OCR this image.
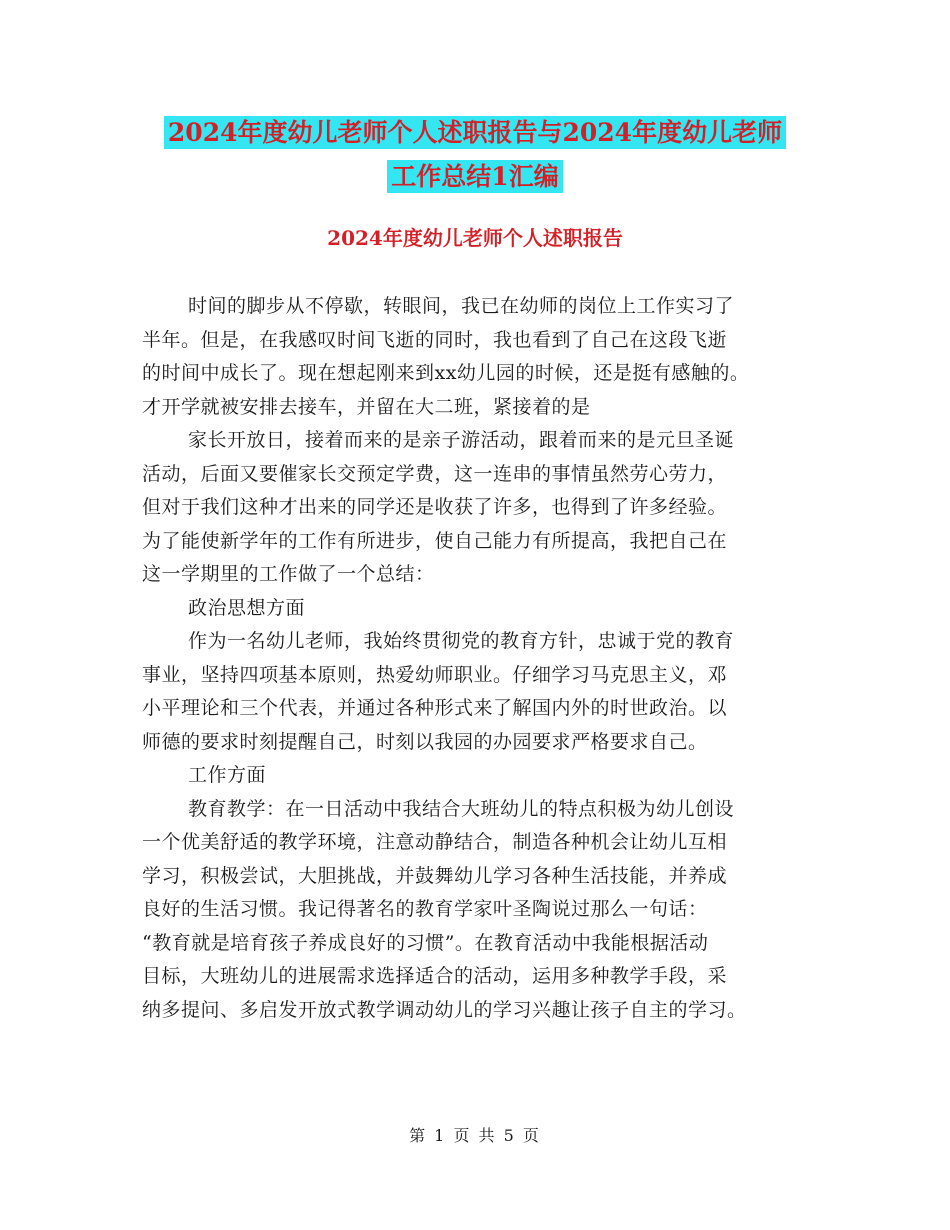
2024年度幼儿老师个人述职报告与2024年度幼儿老师
工作总结1汇编
2024年度幼儿老师个人述职报告
时间的脚步从不停歇，转眼间，我已在幼师的岗位上工作实习了
半年。但是，在我感叹时间飞逝的同时，我也看到了自己在这段飞逝
的时间中成长了。现在想起刚来到xx幼儿园的时候，还是挺有感触的。
才开学就被安排去接车，并留在大二班，紧接着的是
家长开放日，接着而来的是亲子游活动，跟着而来的是元旦圣诞
活动，后面又要催家长交预定学费，这一连串的事情虽然劳心劳力，
但对于我们这种才出来的同学还是收获了许多，也得到了许多经验。
为了能使新学年的工作有所进步，使自己能力有所提高，我把自己在
这一学期里的工作做了一个总结：
政治思想方面
作为一名幼儿老师，我始终贯彻党的教育方针，忠诚于党的教育
事业，坚持四项基本原则，热爱幼师职业。仔细学习马克思主义，邓
小平理论和三个代表，并通过各种形式来了解国内外的时世政治。以
师德的要求时刻提醒自己，时刻以我园的办园要求严格要求自己。
工作方面
教育教学：在一日活动中我结合大班幼儿的特点积极为幼儿创设
一个优美舒适的教学环境，注意动静结合，制造各种机会让幼儿互相
学习，积极尝试，大胆挑战，并鼓舞幼儿学习各种生活技能，并养成
良好的生活习惯。我记得著名的教育学家叶圣陶说过那么一句话：
“教育就是培育孩子养成良好的习惯”。在教育活动中我能根据活动
目标，大班幼儿的进展需求选择适合的活动，运用多种教学手段，采
纳多提问、多启发开放式教学调动幼儿的学习兴趣让孩子自主的学习。
第 1 页 共 5 页
